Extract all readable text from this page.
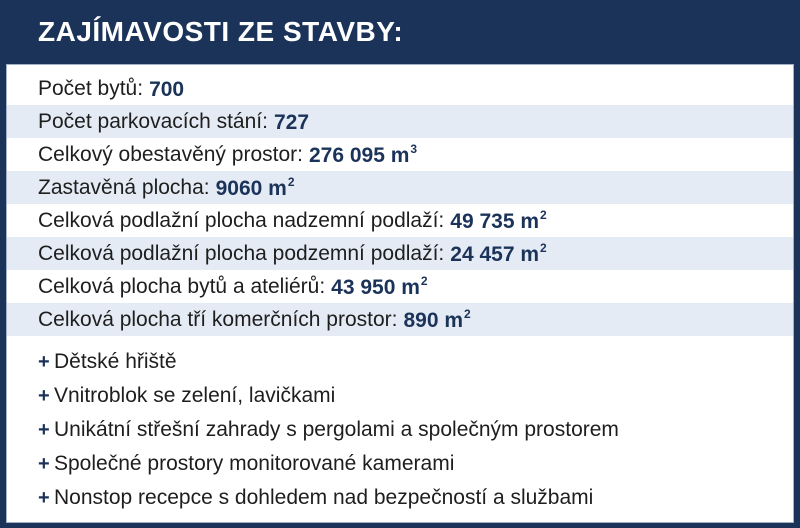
ZAJÍMAVOSTI ZE STAVBY:
Počet bytů: 700
Počet parkovacích stání: 727
Celkový obestavěný prostor: 276 095 $m^3$
Zastavěná plocha: 9060 $m^2$
Celková podlažní plocha nadzemní podlaží: 49 735 $m^2$
Celková podlažní plocha podzemní podlaží: 24 457 $m^2$
Celková plocha bytů a ateliérů: 43 950 $m^2$
Celková plocha tří komerčních prostor: 890 $m^2$
+ Dětské hřiště
+ Vnitroblok se zelení, lavičkami
+ Unikátní střešní zahrady s pergolami a společným prostorem
+ Společné prostory monitorované kamerami
+ Nonstop recepce s dohledem nad bezpečností a službami
